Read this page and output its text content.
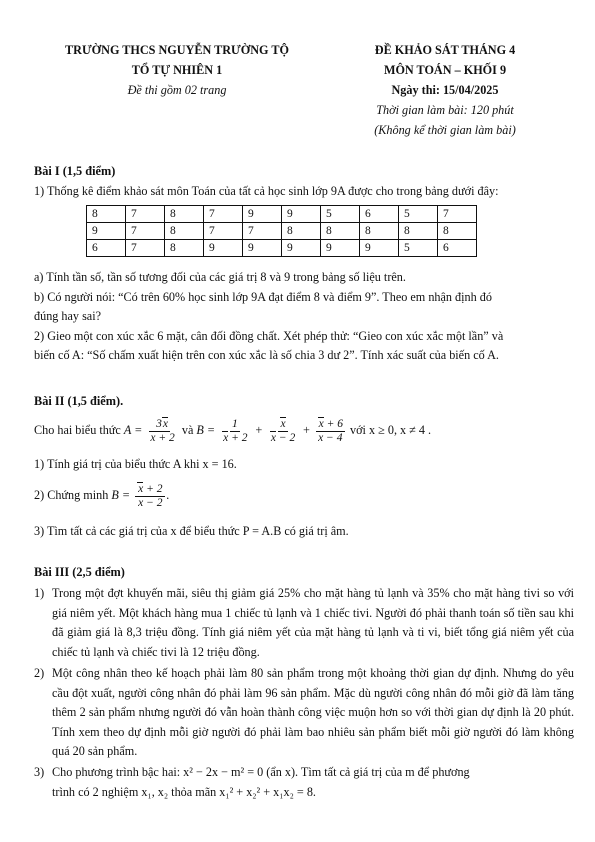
TRƯỜNG THCS NGUYỄN TRƯỜNG TỘ
TỔ TỰ NHIÊN 1
Đề thi gồm 02 trang
ĐỀ KHẢO SÁT THÁNG 4
MÔN TOÁN – KHỐI 9
Ngày thi: 15/04/2025
Thời gian làm bài: 120 phút
(Không kể thời gian làm bài)
Bài I (1,5 điểm)
1) Thống kê điểm khảo sát môn Toán của tất cả học sinh lớp 9A được cho trong bảng dưới đây:
8	7	8	7	9	9	5	6	5	7
9	7	8	7	7	8	8	8	8	8
6	7	8	9	9	9	9	9	5	6
a) Tính tần số, tần số tương đối của các giá trị 8 và 9 trong bảng số liệu trên.
b) Có người nói: “Có trên 60% học sinh lớp 9A đạt điểm 8 và điểm 9”. Theo em nhận định đó
đúng hay sai?
2) Gieo một con xúc xắc 6 mặt, cân đối đồng chất. Xét phép thử: “Gieo con xúc xắc một lần” và
biến cố A: “Số chấm xuất hiện trên con xúc xắc là số chia 3 dư 2”. Tính xác suất của biến cố A.
Bài II (1,5 điểm).
Cho hai biểu thức $A = \frac{3x}{x + 2}$ và $B = \frac{1}{x + 2} + \frac{x}{x - 2} + \frac{x + 6}{x - 4}$ với x ≥ 0, x ≠ 4 .
1) Tính giá trị của biểu thức A khi x = 16.
2) Chứng minh $B = \frac{x + 2}{x - 2}$ .
3) Tìm tất cả các giá trị của x để biểu thức P = A.B có giá trị âm.
Bài III (2,5 điểm)
1) Trong một đợt khuyến mãi, siêu thị giảm giá 25% cho mặt hàng tủ lạnh và 35% cho mặt hàng tivi so với giá niêm yết. Một khách hàng mua 1 chiếc tủ lạnh và 1 chiếc tivi. Người đó phải thanh toán số tiền sau khi đã giảm giá là 8,3 triệu đồng. Tính giá niêm yết của mặt hàng tủ lạnh và ti vi, biết tổng giá niêm yết của chiếc tủ lạnh và chiếc tivi là 12 triệu đồng.
2) Một công nhân theo kế hoạch phải làm 80 sản phẩm trong một khoảng thời gian dự định. Nhưng do yêu cầu đột xuất, người công nhân đó phải làm 96 sản phẩm. Mặc dù người công nhân đó mỗi giờ đã làm tăng thêm 2 sản phẩm nhưng người đó vẫn hoàn thành công việc muộn hơn so với thời gian dự định là 20 phút. Tính xem theo dự định mỗi giờ người đó phải làm bao nhiêu sản phẩm biết mỗi giờ người đó làm không quá 20 sản phẩm.
3) Cho phương trình bậc hai: x² − 2x − m² = 0 (ẩn x). Tìm tất cả giá trị của m để phương
trình có 2 nghiệm x₁, x₂ thỏa mãn x₁² + x₂² + x₁x₂ = 8.
